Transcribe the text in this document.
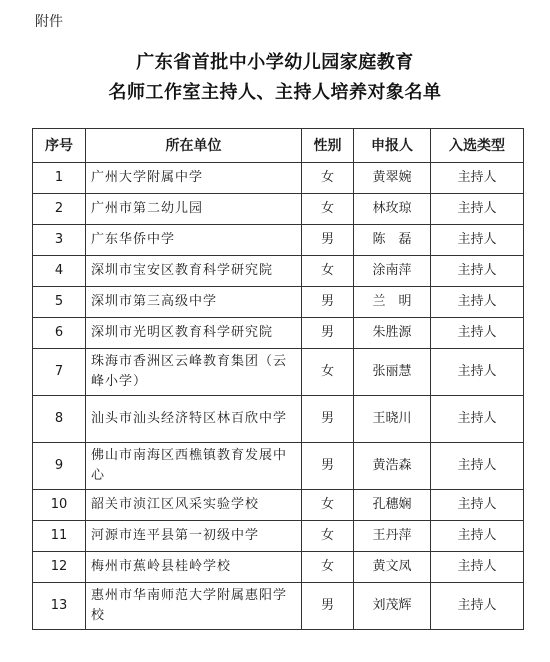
附件
广东省首批中小学幼儿园家庭教育
名师工作室主持人、主持人培养对象名单
序号	所在单位	性别	申报人	入选类型
1	广州大学附属中学	女	黄翠婉	主持人
2	广州市第二幼儿园	女	林玫琼	主持人
3	广东华侨中学	男	陈　磊	主持人
4	深圳市宝安区教育科学研究院	女	涂南萍	主持人
5	深圳市第三高级中学	男	兰　明	主持人
6	深圳市光明区教育科学研究院	男	朱胜源	主持人
7	珠海市香洲区云峰教育集团（云峰小学）	女	张丽慧	主持人
8	汕头市汕头经济特区林百欣中学	男	王晓川	主持人
9	佛山市南海区西樵镇教育发展中心	男	黄浩森	主持人
10	韶关市浈江区风采实验学校	女	孔穗娴	主持人
11	河源市连平县第一初级中学	女	王丹萍	主持人
12	梅州市蕉岭县桂岭学校	女	黄文凤	主持人
13	惠州市华南师范大学附属惠阳学校	男	刘茂辉	主持人
